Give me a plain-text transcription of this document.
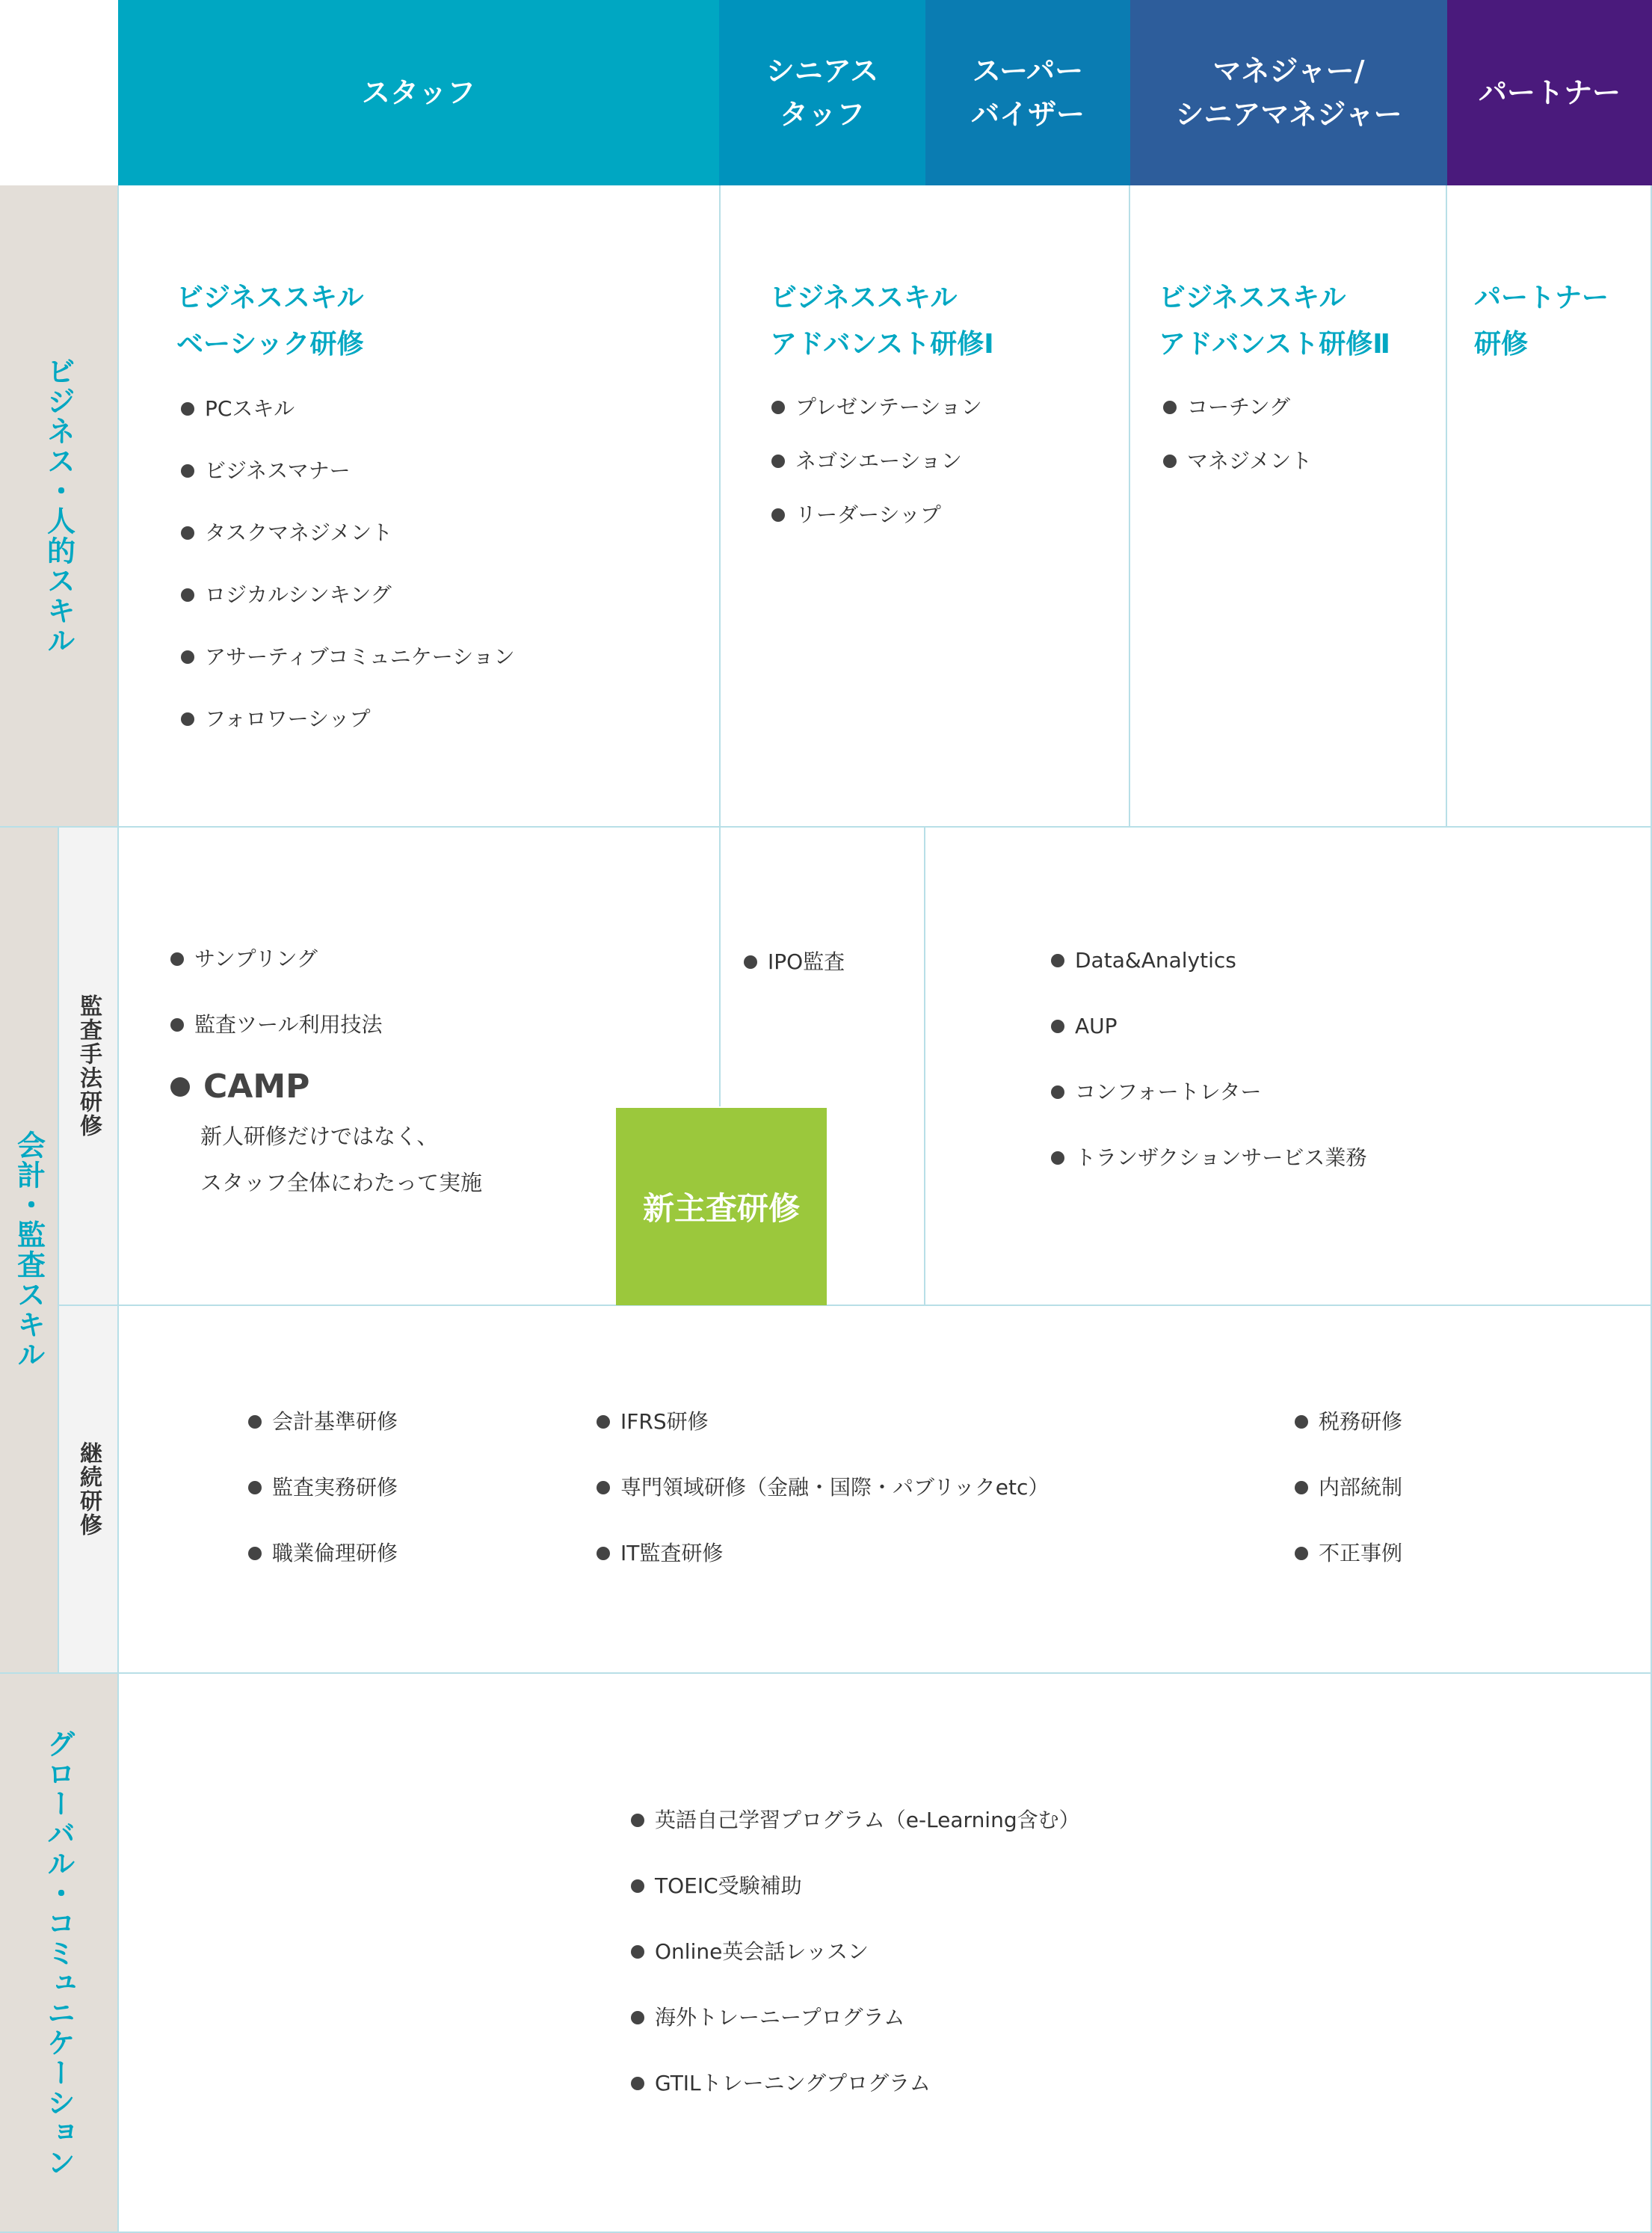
スタッフ
シニアス
タッフ
スーパー
バイザー
マネジャー/
シニアマネジャー
パートナー
ビジネス・人的スキル
会計・監査スキル
監査手法研修
継続研修
グローバル・コミュニケーション
ビジネススキル
ベーシック研修
PCスキル
ビジネスマナー
タスクマネジメント
ロジカルシンキング
アサーティブコミュニケーション
フォロワーシップ
ビジネススキル
アドバンスト研修Ⅰ
プレゼンテーション
ネゴシエーション
リーダーシップ
ビジネススキル
アドバンスト研修Ⅱ
コーチング
マネジメント
パートナー
研修
サンプリング
監査ツール利用技法
CAMP
新人研修だけではなく、
スタッフ全体にわたって実施
IPO監査	Data&Analytics
AUP
コンフォートレター
トランザクションサービス業務
新主査研修
会計基準研修
監査実務研修
職業倫理研修
IFRS研修
専門領域研修（金融・国際・パブリックetc）
IT監査研修
税務研修
内部統制
不正事例
英語自己学習プログラム（e-Learning含む）
TOEIC受験補助
Online英会話レッスン
海外トレーニープログラム
GTILトレーニングプログラム
